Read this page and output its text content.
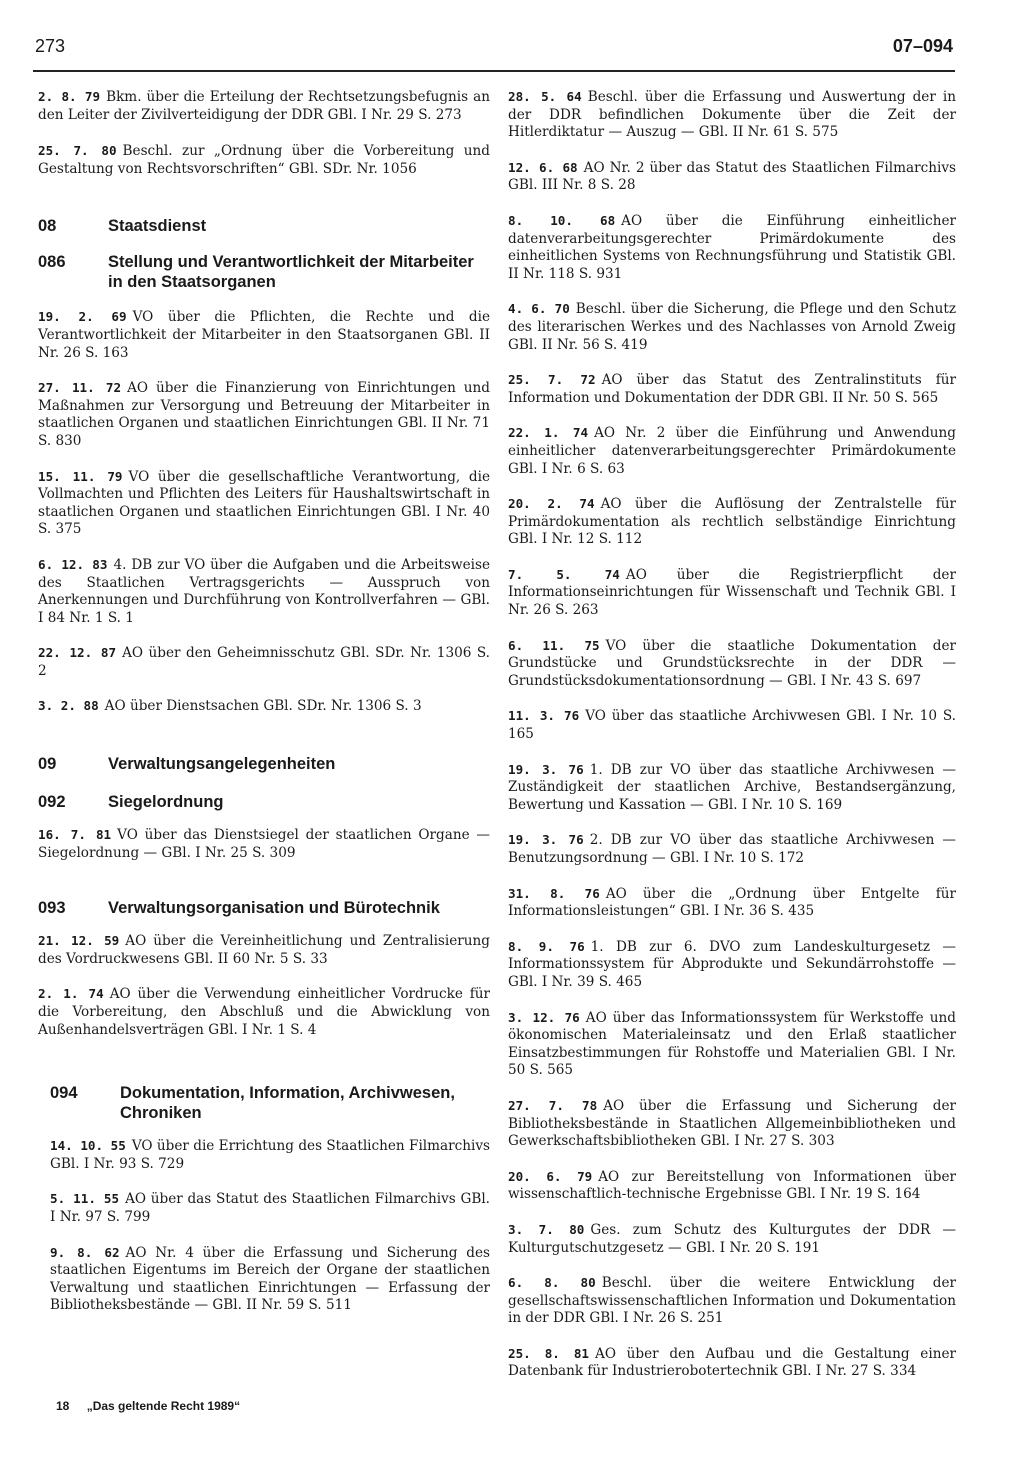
273	07–094
2. 8. 79 Bkm. über die Erteilung der Rechtsetzungsbefugnis an den Leiter der Zivilverteidigung der DDR GBl. I Nr. 29 S. 273
25. 7. 80 Beschl. zur „Ordnung über die Vorbereitung und Gestaltung von Rechtsvorschriften“ GBl. SDr. Nr. 1056
08	Staatsdienst
086	Stellung und Verantwortlichkeit der Mitarbeiter in den Staatsorganen
19. 2. 69 VO über die Pflichten, die Rechte und die Verantwortlichkeit der Mitarbeiter in den Staatsorganen GBl. II Nr. 26 S. 163
27. 11. 72 AO über die Finanzierung von Einrichtungen und Maßnahmen zur Versorgung und Betreuung der Mitarbeiter in staatlichen Organen und staatlichen Einrichtungen GBl. II Nr. 71 S. 830
15. 11. 79 VO über die gesellschaftliche Verantwortung, die Vollmachten und Pflichten des Leiters für Haushaltswirtschaft in staatlichen Organen und staatlichen Einrichtungen GBl. I Nr. 40 S. 375
6. 12. 83 4. DB zur VO über die Aufgaben und die Arbeitsweise des Staatlichen Vertragsgerichts — Ausspruch von Anerkennungen und Durchführung von Kontrollverfahren — GBl. I 84 Nr. 1 S. 1
22. 12. 87 AO über den Geheimnisschutz GBl. SDr. Nr. 1306 S. 2
3. 2. 88 AO über Dienstsachen GBl. SDr. Nr. 1306 S. 3
09	Verwaltungsangelegenheiten
092	Siegelordnung
16. 7. 81 VO über das Dienstsiegel der staatlichen Organe — Siegelordnung — GBl. I Nr. 25 S. 309
093	Verwaltungsorganisation und Bürotechnik
21. 12. 59 AO über die Vereinheitlichung und Zentralisierung des Vordruckwesens GBl. II 60 Nr. 5 S. 33
2. 1. 74 AO über die Verwendung einheitlicher Vordrucke für die Vorbereitung, den Abschluß und die Abwicklung von Außenhandelsverträgen GBl. I Nr. 1 S. 4
094	Dokumentation, Information, Archivwesen, Chroniken
14. 10. 55 VO über die Errichtung des Staatlichen Filmarchivs GBl. I Nr. 93 S. 729
5. 11. 55 AO über das Statut des Staatlichen Filmarchivs GBl. I Nr. 97 S. 799
9. 8. 62 AO Nr. 4 über die Erfassung und Sicherung des staatlichen Eigentums im Bereich der Organe der staatlichen Verwaltung und staatlichen Einrichtungen — Erfassung der Bibliotheksbestände — GBl. II Nr. 59 S. 511
28. 5. 64 Beschl. über die Erfassung und Auswertung der in der DDR befindlichen Dokumente über die Zeit der Hitlerdiktatur — Auszug — GBl. II Nr. 61 S. 575
12. 6. 68 AO Nr. 2 über das Statut des Staatlichen Filmarchivs GBl. III Nr. 8 S. 28
8. 10. 68 AO über die Einführung einheitlicher datenverarbeitungsgerechter Primärdokumente des einheitlichen Systems von Rechnungsführung und Statistik GBl. II Nr. 118 S. 931
4. 6. 70 Beschl. über die Sicherung, die Pflege und den Schutz des literarischen Werkes und des Nachlasses von Arnold Zweig GBl. II Nr. 56 S. 419
25. 7. 72 AO über das Statut des Zentralinstituts für Information und Dokumentation der DDR GBl. II Nr. 50 S. 565
22. 1. 74 AO Nr. 2 über die Einführung und Anwendung einheitlicher datenverarbeitungsgerechter Primärdokumente GBl. I Nr. 6 S. 63
20. 2. 74 AO über die Auflösung der Zentralstelle für Primärdokumentation als rechtlich selbständige Einrichtung GBl. I Nr. 12 S. 112
7. 5. 74 AO über die Registrierpflicht der Informationseinrichtungen für Wissenschaft und Technik GBl. I Nr. 26 S. 263
6. 11. 75 VO über die staatliche Dokumentation der Grundstücke und Grundstücksrechte in der DDR — Grundstücksdokumentationsordnung — GBl. I Nr. 43 S. 697
11. 3. 76 VO über das staatliche Archivwesen GBl. I Nr. 10 S. 165
19. 3. 76 1. DB zur VO über das staatliche Archivwesen — Zuständigkeit der staatlichen Archive, Bestandsergänzung, Bewertung und Kassation — GBl. I Nr. 10 S. 169
19. 3. 76 2. DB zur VO über das staatliche Archivwesen — Benutzungsordnung — GBl. I Nr. 10 S. 172
31. 8. 76 AO über die „Ordnung über Entgelte für Informationsleistungen“ GBl. I Nr. 36 S. 435
8. 9. 76 1. DB zur 6. DVO zum Landeskulturgesetz — Informationssystem für Abprodukte und Sekundärrohstoffe — GBl. I Nr. 39 S. 465
3. 12. 76 AO über das Informationssystem für Werkstoffe und ökonomischen Materialeinsatz und den Erlaß staatlicher Einsatzbestimmungen für Rohstoffe und Materialien GBl. I Nr. 50 S. 565
27. 7. 78 AO über die Erfassung und Sicherung der Bibliotheksbestände in Staatlichen Allgemeinbibliotheken und Gewerkschaftsbibliotheken GBl. I Nr. 27 S. 303
20. 6. 79 AO zur Bereitstellung von Informationen über wissenschaftlich-technische Ergebnisse GBl. I Nr. 19 S. 164
3. 7. 80 Ges. zum Schutz des Kulturgutes der DDR — Kulturgutschutzgesetz — GBl. I Nr. 20 S. 191
6. 8. 80 Beschl. über die weitere Entwicklung der gesellschaftswissenschaftlichen Information und Dokumentation in der DDR GBl. I Nr. 26 S. 251
25. 8. 81 AO über den Aufbau und die Gestaltung einer Datenbank für Industrierobotertechnik GBl. I Nr. 27 S. 334
18 „Das geltende Recht 1989“
